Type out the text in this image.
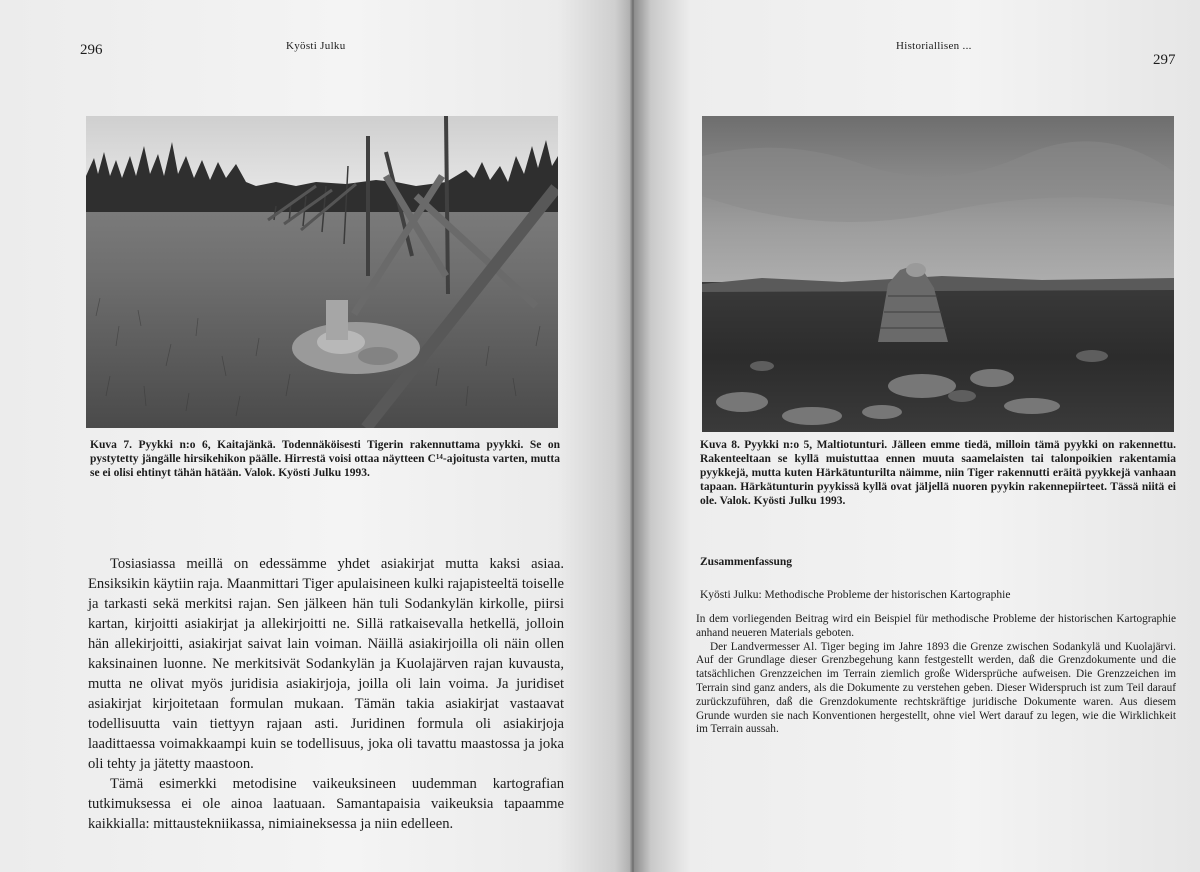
296	Kyösti Julku
Kuva 7. Pyykki n:o 6, Kaitajänkä. Todennäköisesti Tigerin rakennuttama pyykki. Se on pystytetty jängälle hirsikehikon päälle. Hirrestä voisi ottaa näytteen C¹⁴-ajoitusta varten, mutta se ei olisi ehtinyt tähän hätään. Valok. Kyösti Julku 1993.

Tosiasiassa meillä on edessämme yhdet asiakirjat mutta kaksi asiaa. Ensiksikin käytiin raja. Maanmittari Tiger apulaisineen kulki rajapisteeltä toiselle ja tarkasti sekä merkitsi rajan. Sen jälkeen hän tuli Sodankylän kirkolle, piirsi kartan, kirjoitti asiakirjat ja allekirjoitti ne. Sillä ratkaisevalla hetkellä, jolloin hän allekirjoitti, asiakirjat saivat lain voiman. Näillä asiakirjoilla oli näin ollen kaksinainen luonne. Ne merkitsivät Sodankylän ja Kuolajärven rajan kuvausta, mutta ne olivat myös juridisia asiakirjoja, joilla oli lain voima. Ja juridiset asiakirjat kirjoitetaan formulan mukaan. Tämän takia asiakirjat vastaavat todellisuutta vain tiettyyn rajaan asti. Juridinen formula oli asiakirjoja laadittaessa voimakkaampi kuin se todellisuus, joka oli tavattu maastossa ja joka oli tehty ja jätetty maastoon.

Tämä esimerkki metodisine vaikeuksineen uudemman kartografian tutkimuksessa ei ole ainoa laatuaan. Samantapaisia vaikeuksia tapaamme kaikkialla: mittaustekniikassa, nimiaineksessa ja niin edelleen.

Historiallisen ...
297
Kuva 8. Pyykki n:o 5, Maltiotunturi. Jälleen emme tiedä, milloin tämä pyykki on rakennettu. Rakenteeltaan se kyllä muistuttaa ennen muuta saamelaisten tai talonpoikien rakentamia pyykkejä, mutta kuten Härkätunturilta näimme, niin Tiger rakennutti eräitä pyykkejä vanhaan tapaan. Härkätunturin pyykissä kyllä ovat jäljellä nuoren pyykin rakennepiirteet. Tässä niitä ei ole. Valok. Kyösti Julku 1993.
Zusammenfassung
Kyösti Julku: Methodische Probleme der historischen Kartographie

In dem vorliegenden Beitrag wird ein Beispiel für methodische Probleme der historischen Kartographie anhand neueren Materials geboten.

Der Landvermesser Al. Tiger beging im Jahre 1893 die Grenze zwischen Sodankylä und Kuolajärvi. Auf der Grundlage dieser Grenzbegehung kann festgestellt werden, daß die Grenzdokumente und die tatsächlichen Grenzzeichen im Terrain ziemlich große Widersprüche aufweisen. Die Grenzzeichen im Terrain sind ganz anders, als die Dokumente zu verstehen geben. Dieser Widerspruch ist zum Teil darauf zurückzuführen, daß die Grenzdokumente rechtskräftige juridische Dokumente waren. Aus diesem Grunde wurden sie nach Konventionen hergestellt, ohne viel Wert darauf zu legen, wie die Wirklichkeit im Terrain aussah.
